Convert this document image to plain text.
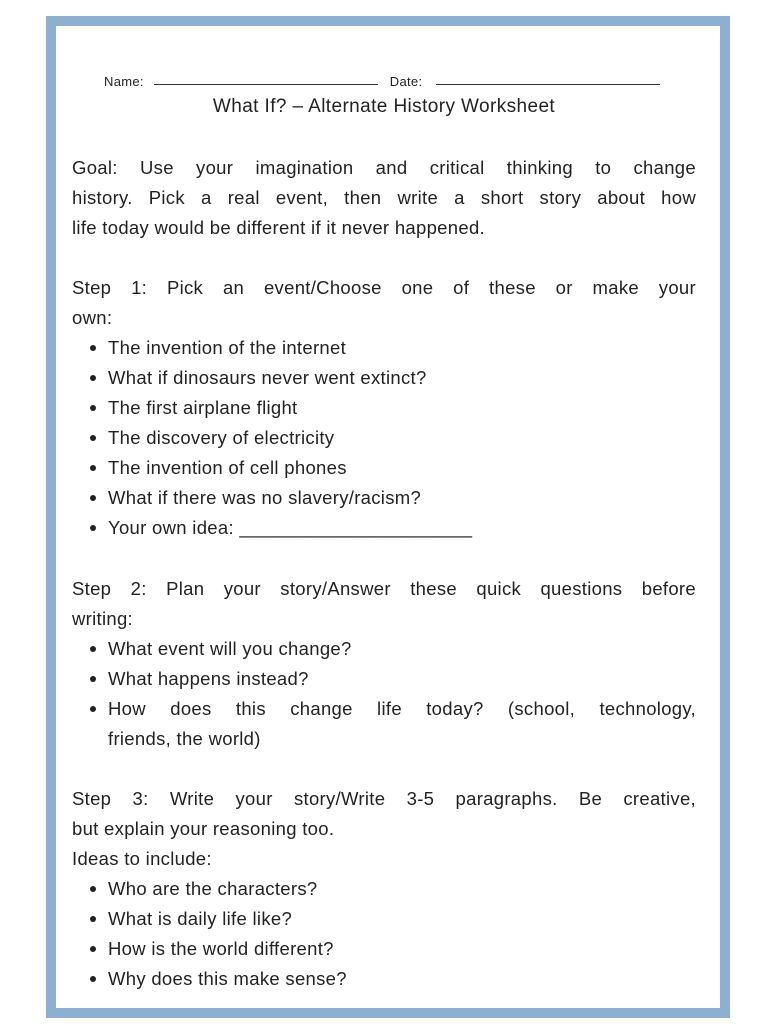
Name:	Date:
What If? – Alternate History Worksheet
Goal: Use your imagination and critical thinking to change
history. Pick a real event, then write a short story about how
life today would be different if it never happened.
Step 1: Pick an event/Choose one of these or make your
own:
The invention of the internet
What if dinosaurs never went extinct?
The first airplane flight
The discovery of electricity
The invention of cell phones
What if there was no slavery/racism?
Your own idea: ______________________
Step 2: Plan your story/Answer these quick questions before
writing:
What event will you change?
What happens instead?
How does this change life today? (school, technology,
friends, the world)
Step 3: Write your story/Write 3-5 paragraphs. Be creative,
but explain your reasoning too.
Ideas to include:
Who are the characters?
What is daily life like?
How is the world different?
Why does this make sense?
